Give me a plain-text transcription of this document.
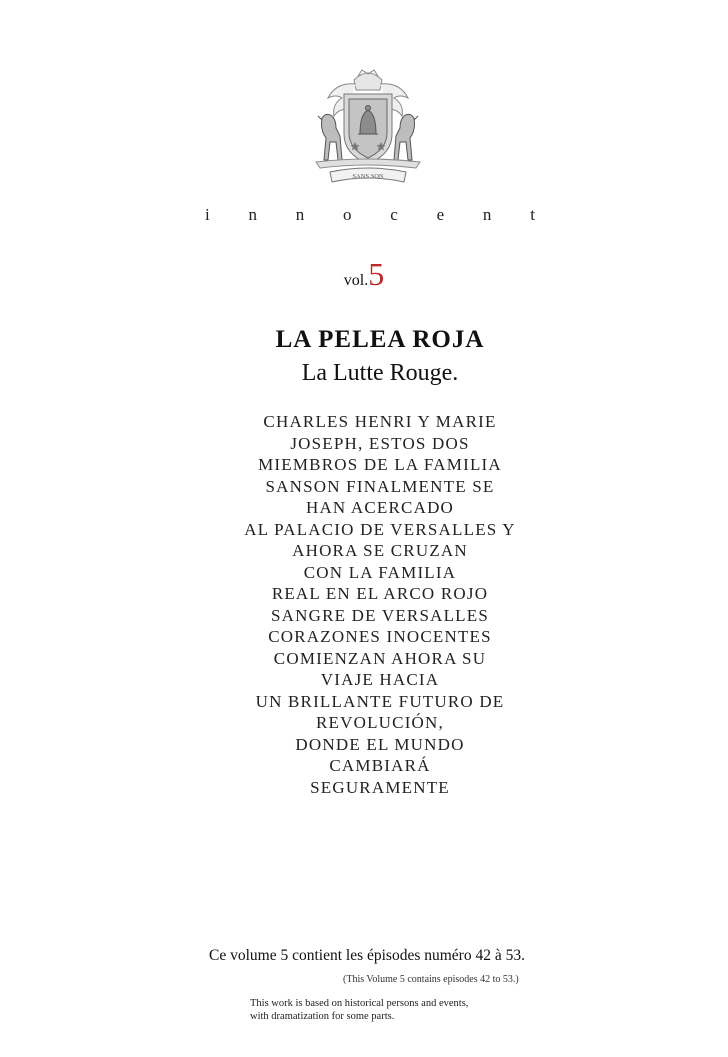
SANS SON
i n n o c e n t
vol.5
LA PELEA ROJA
La Lutte Rouge.
CHARLES HENRI Y MARIE
JOSEPH, ESTOS DOS
MIEMBROS DE LA FAMILIA
SANSON FINALMENTE SE
HAN ACERCADO
AL PALACIO DE VERSALLES Y
AHORA SE CRUZAN
CON LA FAMILIA
REAL EN EL ARCO ROJO
SANGRE DE VERSALLES
CORAZONES INOCENTES
COMIENZAN AHORA SU
VIAJE HACIA
UN BRILLANTE FUTURO DE
REVOLUCIÓN,
DONDE EL MUNDO
CAMBIARÁ
SEGURAMENTE
Ce volume 5 contient les épisodes numéro 42 à 53.
(This Volume 5 contains episodes 42 to 53.)
This work is based on historical persons and events,
with dramatization for some parts.
